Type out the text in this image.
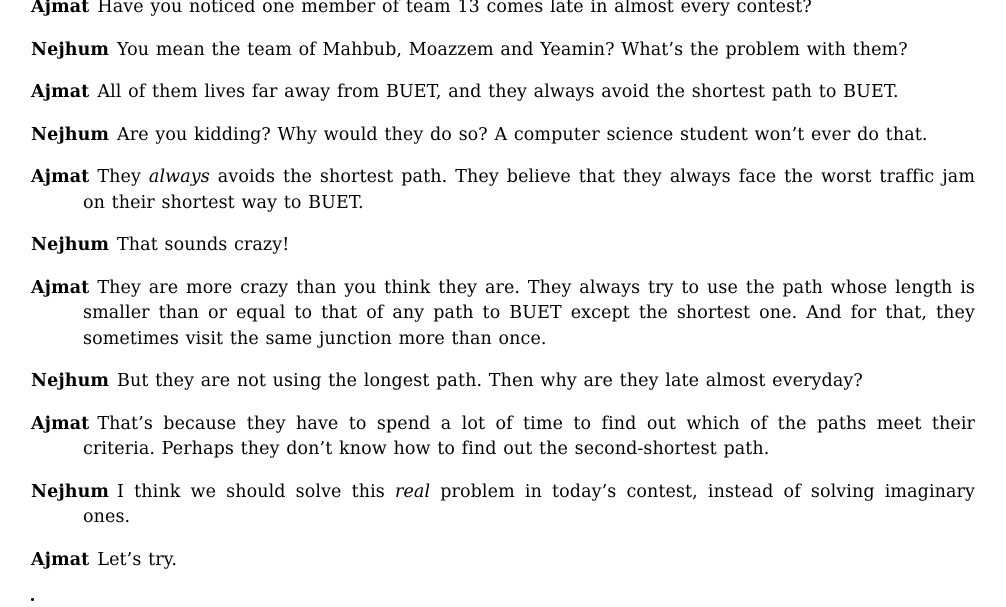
Ajmat Have you noticed one member of team 13 comes late in almost every contest?

Nejhum You mean the team of Mahbub, Moazzem and Yeamin? What’s the problem with them?

Ajmat All of them lives far away from BUET, and they always avoid the shortest path to BUET.

Nejhum Are you kidding? Why would they do so? A computer science student won’t ever do that.

Ajmat They always avoids the shortest path. They believe that they always face the worst traffic jam on their shortest way to BUET.

Nejhum That sounds crazy!

Ajmat They are more crazy than you think they are. They always try to use the path whose length is smaller than or equal to that of any path to BUET except the shortest one. And for that, they sometimes visit the same junction more than once.

Nejhum But they are not using the longest path. Then why are they late almost everyday?

Ajmat That’s because they have to spend a lot of time to find out which of the paths meet their criteria. Perhaps they don’t know how to find out the second-shortest path.

Nejhum I think we should solve this real problem in today’s contest, instead of solving imaginary ones.

Ajmat Let’s try.
